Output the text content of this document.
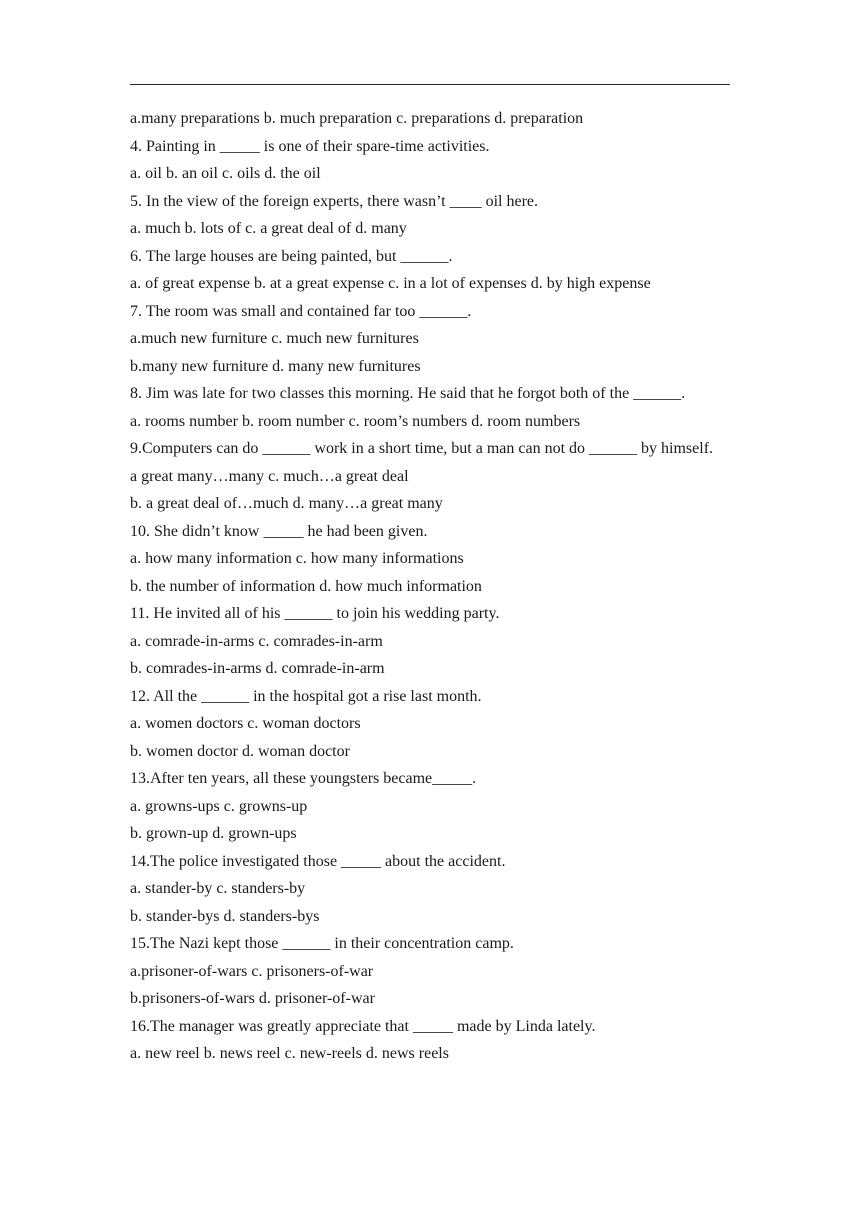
a.many preparations b. much preparation c. preparations d. preparation
4. Painting in _____ is one of their spare-time activities.
a. oil b. an oil c. oils d. the oil
5. In the view of the foreign experts, there wasn’t ____ oil here.
a. much b. lots of c. a great deal of d. many
6. The large houses are being painted, but ______.
a. of great expense b. at a great expense c. in a lot of expenses d. by high expense
7. The room was small and contained far too ______.
a.much new furniture c. much new furnitures
b.many new furniture d. many new furnitures
8. Jim was late for two classes this morning. He said that he forgot both of the ______.
a. rooms number b. room number c. room’s numbers d. room numbers
9.Computers can do ______ work in a short time, but a man can not do ______ by himself.
a great many…many c. much…a great deal
b. a great deal of…much d. many…a great many
10. She didn’t know _____ he had been given.
a. how many information c. how many informations
b. the number of information d. how much information
11. He invited all of his ______ to join his wedding party.
a. comrade-in-arms c. comrades-in-arm
b. comrades-in-arms d. comrade-in-arm
12. All the ______ in the hospital got a rise last month.
a. women doctors c. woman doctors
b. women doctor d. woman doctor
13.After ten years, all these youngsters became_____.
a. growns-ups c. growns-up
b. grown-up d. grown-ups
14.The police investigated those _____ about the accident.
a. stander-by c. standers-by
b. stander-bys d. standers-bys
15.The Nazi kept those ______ in their concentration camp.
a.prisoner-of-wars c. prisoners-of-war
b.prisoners-of-wars d. prisoner-of-war
16.The manager was greatly appreciate that _____ made by Linda lately.
a. new reel b. news reel c. new-reels d. news reels
